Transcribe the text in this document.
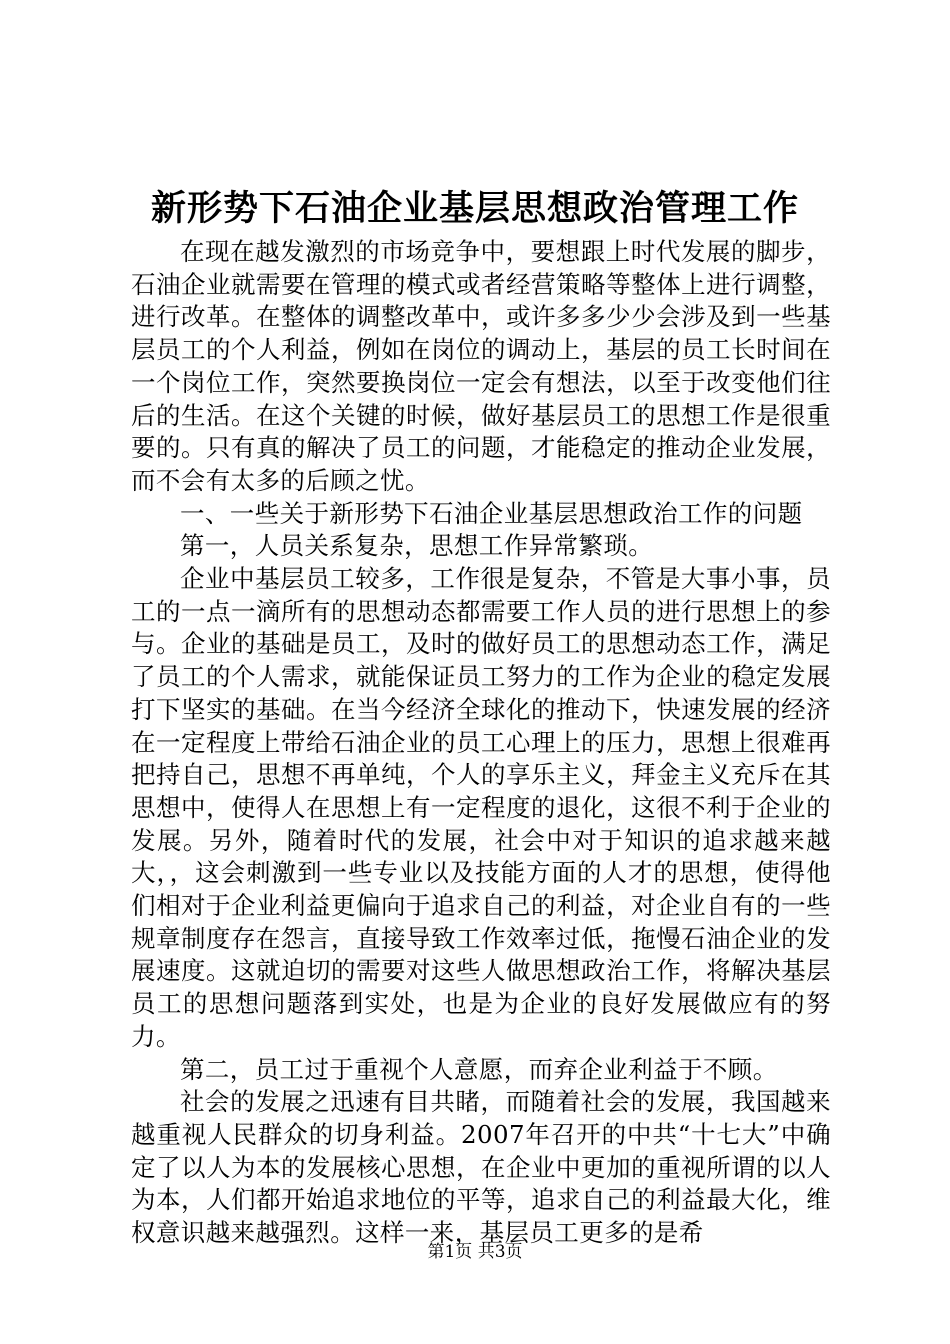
新形势下石油企业基层思想政治管理工作

在现在越发激烈的市场竞争中，要想跟上时代发展的脚步，石油企业就需要在管理的模式或者经营策略等整体上进行调整，进行改革。在整体的调整改革中，或许多多少少会涉及到一些基层员工的个人利益，例如在岗位的调动上，基层的员工长时间在一个岗位工作，突然要换岗位一定会有想法，以至于改变他们往后的生活。在这个关键的时候，做好基层员工的思想工作是很重要的。只有真的解决了员工的问题，才能稳定的推动企业发展，而不会有太多的后顾之忧。

一、一些关于新形势下石油企业基层思想政治工作的问题

第一，人员关系复杂，思想工作异常繁琐。

企业中基层员工较多，工作很是复杂，不管是大事小事，员工的一点一滴所有的思想动态都需要工作人员的进行思想上的参与。企业的基础是员工，及时的做好员工的思想动态工作，满足了员工的个人需求，就能保证员工努力的工作为企业的稳定发展打下坚实的基础。在当今经济全球化的推动下，快速发展的经济在一定程度上带给石油企业的员工心理上的压力，思想上很难再把持自己，思想不再单纯，个人的享乐主义，拜金主义充斥在其思想中，使得人在思想上有一定程度的退化，这很不利于企业的发展。另外，随着时代的发展，社会中对于知识的追求越来越大，，这会刺激到一些专业以及技能方面的人才的思想，使得他们相对于企业利益更偏向于追求自己的利益，对企业自有的一些规章制度存在怨言，直接导致工作效率过低，拖慢石油企业的发展速度。这就迫切的需要对这些人做思想政治工作，将解决基层员工的思想问题落到实处，也是为企业的良好发展做应有的努力。

第二，员工过于重视个人意愿，而弃企业利益于不顾。

社会的发展之迅速有目共睹，而随着社会的发展，我国越来越重视人民群众的切身利益。2007年召开的中共“十七大”中确定了以人为本的发展核心思想，在企业中更加的重视所谓的以人为本，人们都开始追求地位的平等，追求自己的利益最大化，维权意识越来越强烈。这样一来，基层员工更多的是希

第1页 共3页
